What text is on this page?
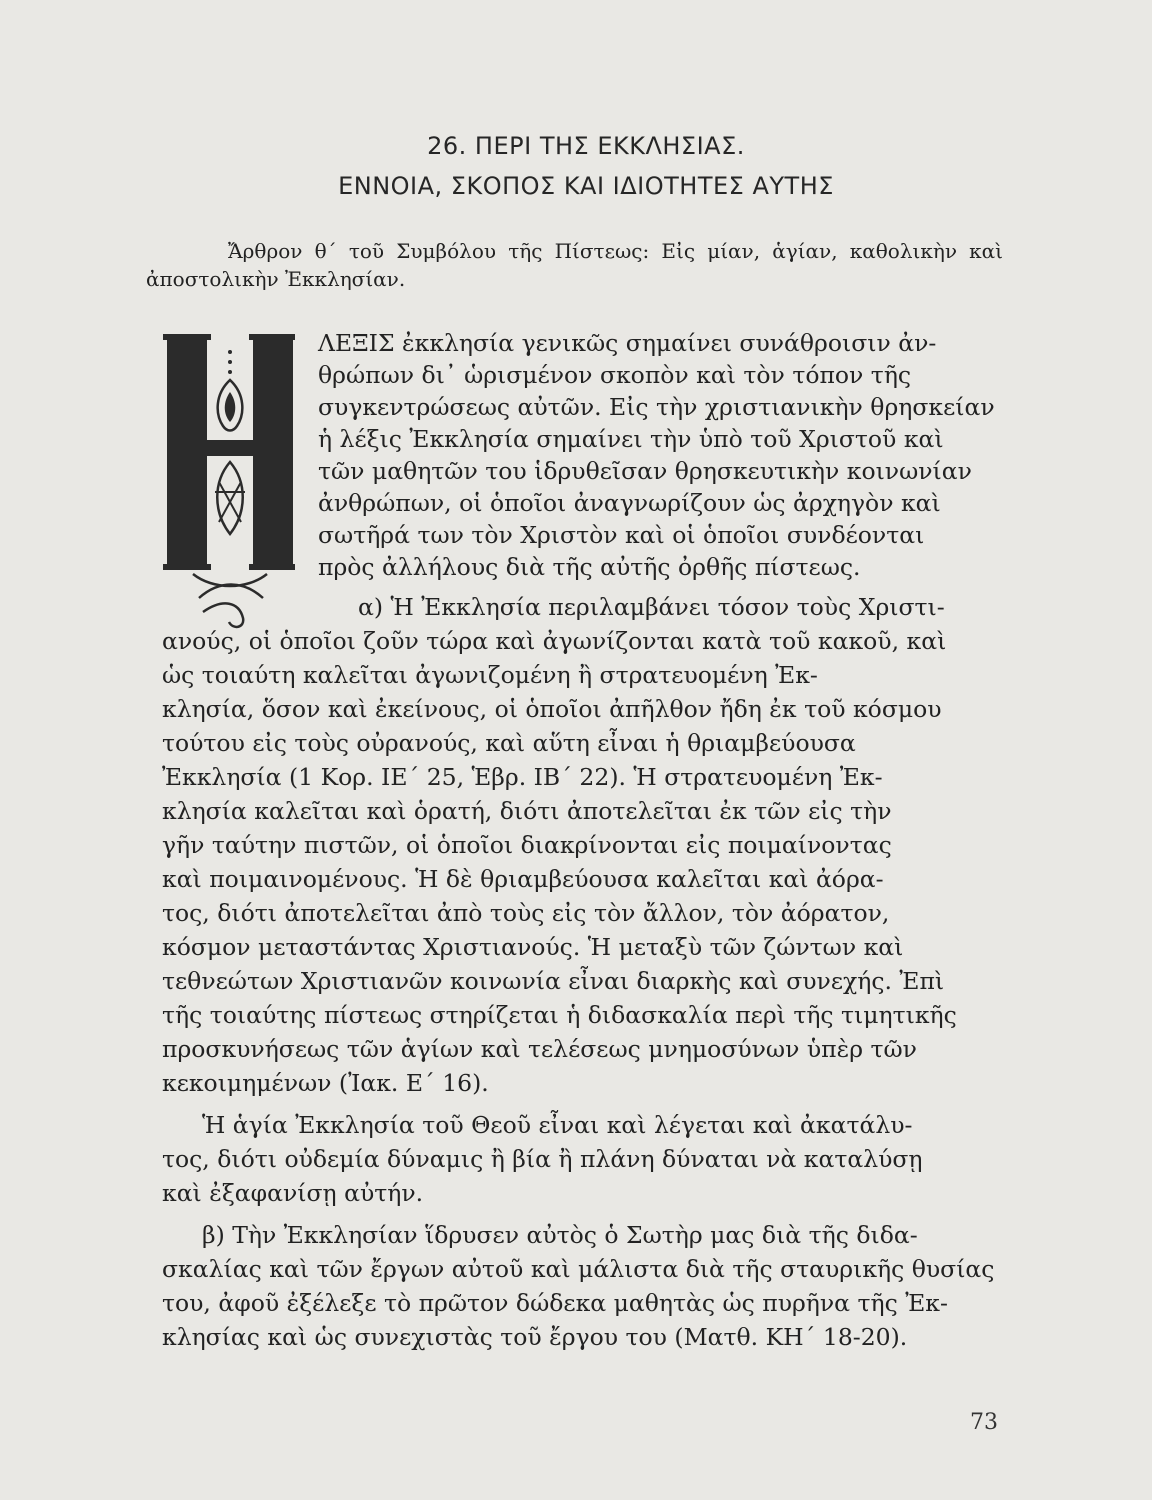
26. ΠΕΡΙ ΤΗΣ ΕΚΚΛΗΣΙΑΣ.
ΕΝΝΟΙΑ, ΣΚΟΠΟΣ ΚΑΙ ΙΔΙΟΤΗΤΕΣ ΑΥΤΗΣ

Ἄρθρον θ΄ τοῦ Συμβόλου τῆς Πίστεως: Εἰς μίαν, ἁγίαν, καθολικὴν καὶ

ἀποστολικὴν Ἐκκλησίαν.

ΛΕΞΙΣ ἐκκλησία γενικῶς σημαίνει συνάθροισιν ἀν-

θρώπων δι᾽ ὡρισμένον σκοπὸν καὶ τὸν τόπον τῆς

συγκεντρώσεως αὐτῶν. Εἰς τὴν χριστιανικὴν θρησκείαν

ἡ λέξις Ἐκκλησία σημαίνει τὴν ὑπὸ τοῦ Χριστοῦ καὶ

τῶν μαθητῶν του ἱδρυθεῖσαν θρησκευτικὴν κοινωνίαν

ἀνθρώπων, οἱ ὁποῖοι ἀναγνωρίζουν ὡς ἀρχηγὸν καὶ

σωτῆρά των τὸν Χριστὸν καὶ οἱ ὁποῖοι συνδέονται

πρὸς ἀλλήλους διὰ τῆς αὐτῆς ὀρθῆς πίστεως.

α) Ἡ Ἐκκλησία περιλαμβάνει τόσον τοὺς Χριστι-

ανούς, οἱ ὁποῖοι ζοῦν τώρα καὶ ἀγωνίζονται κατὰ τοῦ κακοῦ, καὶ

ὡς τοιαύτη καλεῖται ἀγωνιζομένη ἢ στρατευομένη Ἐκ-

κλησία, ὅσον καὶ ἐκείνους, οἱ ὁποῖοι ἀπῆλθον ἤδη ἐκ τοῦ κόσμου

τούτου εἰς τοὺς οὐρανούς, καὶ αὕτη εἶναι ἡ θριαμβεύουσα

Ἐκκλησία (1 Κορ. ΙΕ΄ 25, Ἑβρ. ΙΒ΄ 22). Ἡ στρατευομένη Ἐκ-

κλησία καλεῖται καὶ ὁρατή, διότι ἀποτελεῖται ἐκ τῶν εἰς τὴν

γῆν ταύτην πιστῶν, οἱ ὁποῖοι διακρίνονται εἰς ποιμαίνοντας

καὶ ποιμαινομένους. Ἡ δὲ θριαμβεύουσα καλεῖται καὶ ἀόρα-

τος, διότι ἀποτελεῖται ἀπὸ τοὺς εἰς τὸν ἄλλον, τὸν ἀόρατον,

κόσμον μεταστάντας Χριστιανούς. Ἡ μεταξὺ τῶν ζώντων καὶ

τεθνεώτων Χριστιανῶν κοινωνία εἶναι διαρκὴς καὶ συνεχής. Ἐπὶ

τῆς τοιαύτης πίστεως στηρίζεται ἡ διδασκαλία περὶ τῆς τιμητικῆς

προσκυνήσεως τῶν ἁγίων καὶ τελέσεως μνημοσύνων ὑπὲρ τῶν

κεκοιμημένων (Ἰακ. Ε΄ 16).

Ἡ ἁγία Ἐκκλησία τοῦ Θεοῦ εἶναι καὶ λέγεται καὶ ἀκατάλυ-

τος, διότι οὐδεμία δύναμις ἢ βία ἢ πλάνη δύναται νὰ καταλύσῃ

καὶ ἐξαφανίσῃ αὐτήν.

β) Τὴν Ἐκκλησίαν ἵδρυσεν αὐτὸς ὁ Σωτὴρ μας διὰ τῆς διδα-

σκαλίας καὶ τῶν ἔργων αὐτοῦ καὶ μάλιστα διὰ τῆς σταυρικῆς θυσίας

του, ἀφοῦ ἐξέλεξε τὸ πρῶτον δώδεκα μαθητὰς ὡς πυρῆνα τῆς Ἐκ-

κλησίας καὶ ὡς συνεχιστὰς τοῦ ἔργου του (Ματθ. ΚΗ΄ 18-20).

73
